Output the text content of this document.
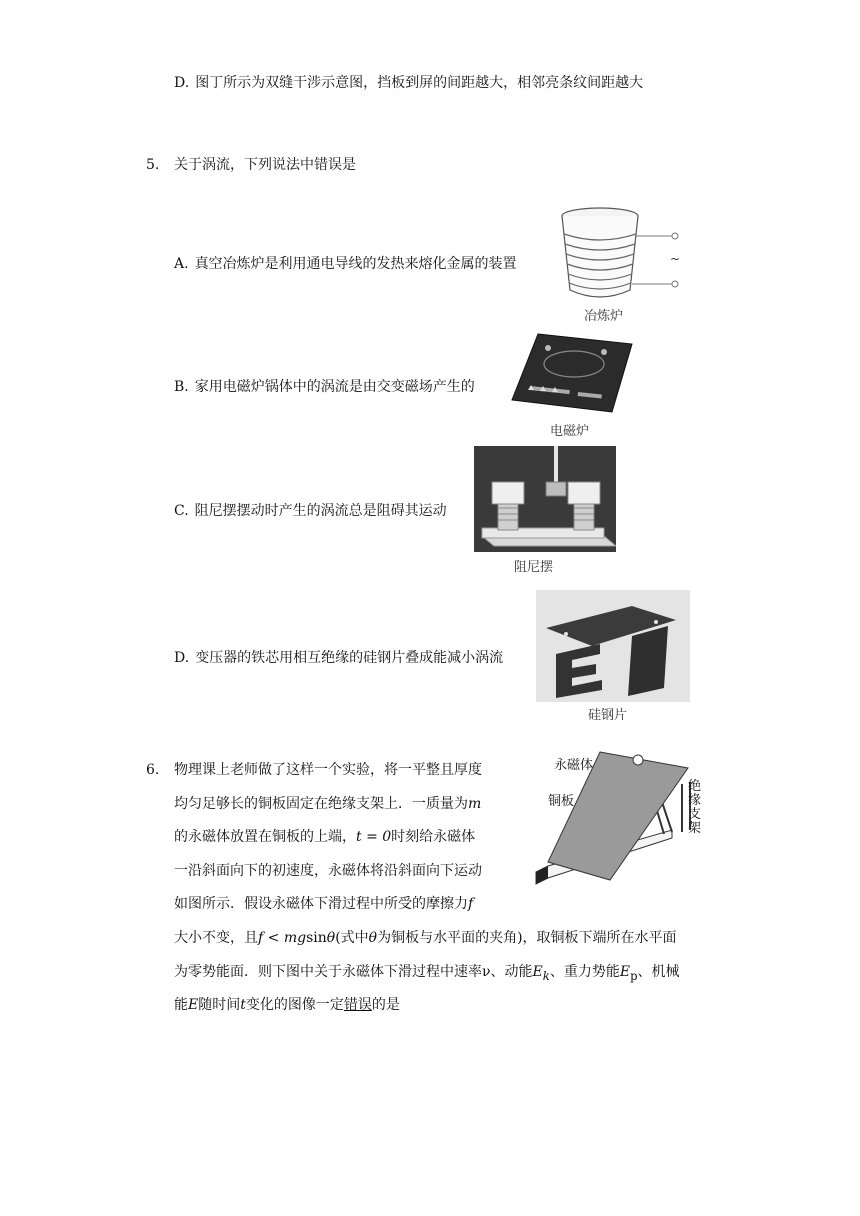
D. 图丁所示为双缝干涉示意图，挡板到屏的间距越大，相邻亮条纹间距越大
5. 关于涡流，下列说法中错误是
A. 真空冶炼炉是利用通电导线的发热来熔化金属的装置	~
冶炼炉
B. 家用电磁炉锅体中的涡流是由交变磁场产生的
电磁炉
C. 阻尼摆摆动时产生的涡流总是阻碍其运动
阻尼摆
D. 变压器的铁芯用相互绝缘的硅钢片叠成能减小涡流
硅钢片
6. 物理课上老师做了这样一个实验，将一平整且厚度
均匀足够长的铜板固定在绝缘支架上．一质量为m
的永磁体放置在铜板的上端，t = 0时刻给永磁体
一沿斜面向下的初速度，永磁体将沿斜面向下运动
如图所示．假设永磁体下滑过程中所受的摩擦力f
大小不变，且f < mgsinθ(式中θ为铜板与水平面的夹角)，取铜板下端所在水平面
为零势能面．则下图中关于永磁体下滑过程中速率ν、动能$E_k$、重力势能$E_p$、机械
能E随时间t变化的图像一定错误的是
永磁体
铜板
绝
缘
支
架
